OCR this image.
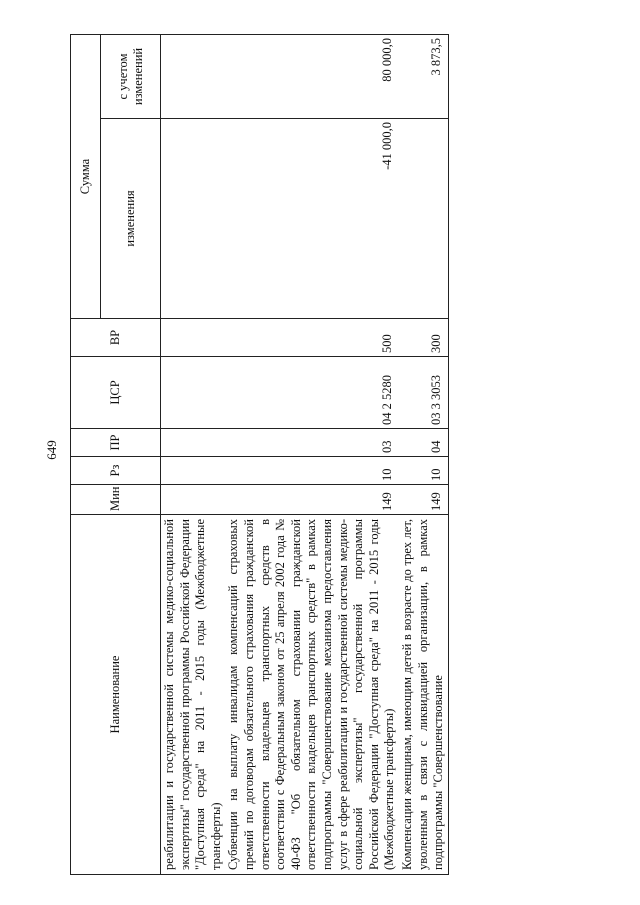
649
Наименование	Мин	Рз	ПР	ЦСР	ВР	Сумма	
						изменения	с учетом изменений
реабилитации и государственной системы медико-социальной экспертизы" государственной программы Российской Федерации "Доступная среда" на 2011 - 2015 годы (Межбюджетные трансферты)							
Субвенции на выплату инвалидам компенсаций страховых премий по договорам обязательного страхования гражданской ответственности владельцев транспортных средств в соответствии с Федеральным законом от 25 апреля 2002 года № 40-ФЗ "Об обязательном страховании гражданской ответственности владельцев транспортных средств" в рамках подпрограммы "Совершенствование механизма предоставления услуг в сфере реабилитации и государственной системы медико-социальной экспертизы" государственной программы Российской Федерации "Доступная среда" на 2011 - 2015 годы (Межбюджетные трансферты)	149	10	03	04 2 5280	500	-41 000,0	80 000,0
Компенсации женщинам, имеющим детей в возрасте до трех лет, уволенным в связи с ликвидацией организации, в рамках подпрограммы "Совершенствование	149	10	04	03 3 3053	300		3 873,5
